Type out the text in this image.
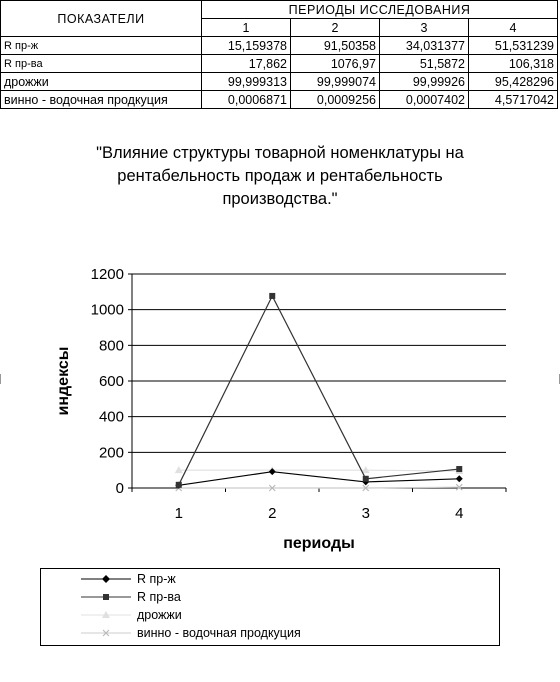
ПОКАЗАТЕЛИ	ПЕРИОДЫ ИССЛЕДОВАНИЯ			
	1	2	3	4
R пр-ж	15,159378	91,50358	34,031377	51,531239
R пр-ва	17,862	1076,97	51,5872	106,318
дрожжи	99,999313	99,999074	99,99926	95,428296
винно - водочная продкуция	0,0006871	0,0009256	0,0007402	4,5717042
"Влияние структуры товарной номенклатуры на
рентабельность продаж и рентабельность
производства."
0
200
400
600
800
1000
1200
1	2	3	4
периоды
индексы
R пр-ж
R пр-ва
дрожжи
винно - водочная продкуция
